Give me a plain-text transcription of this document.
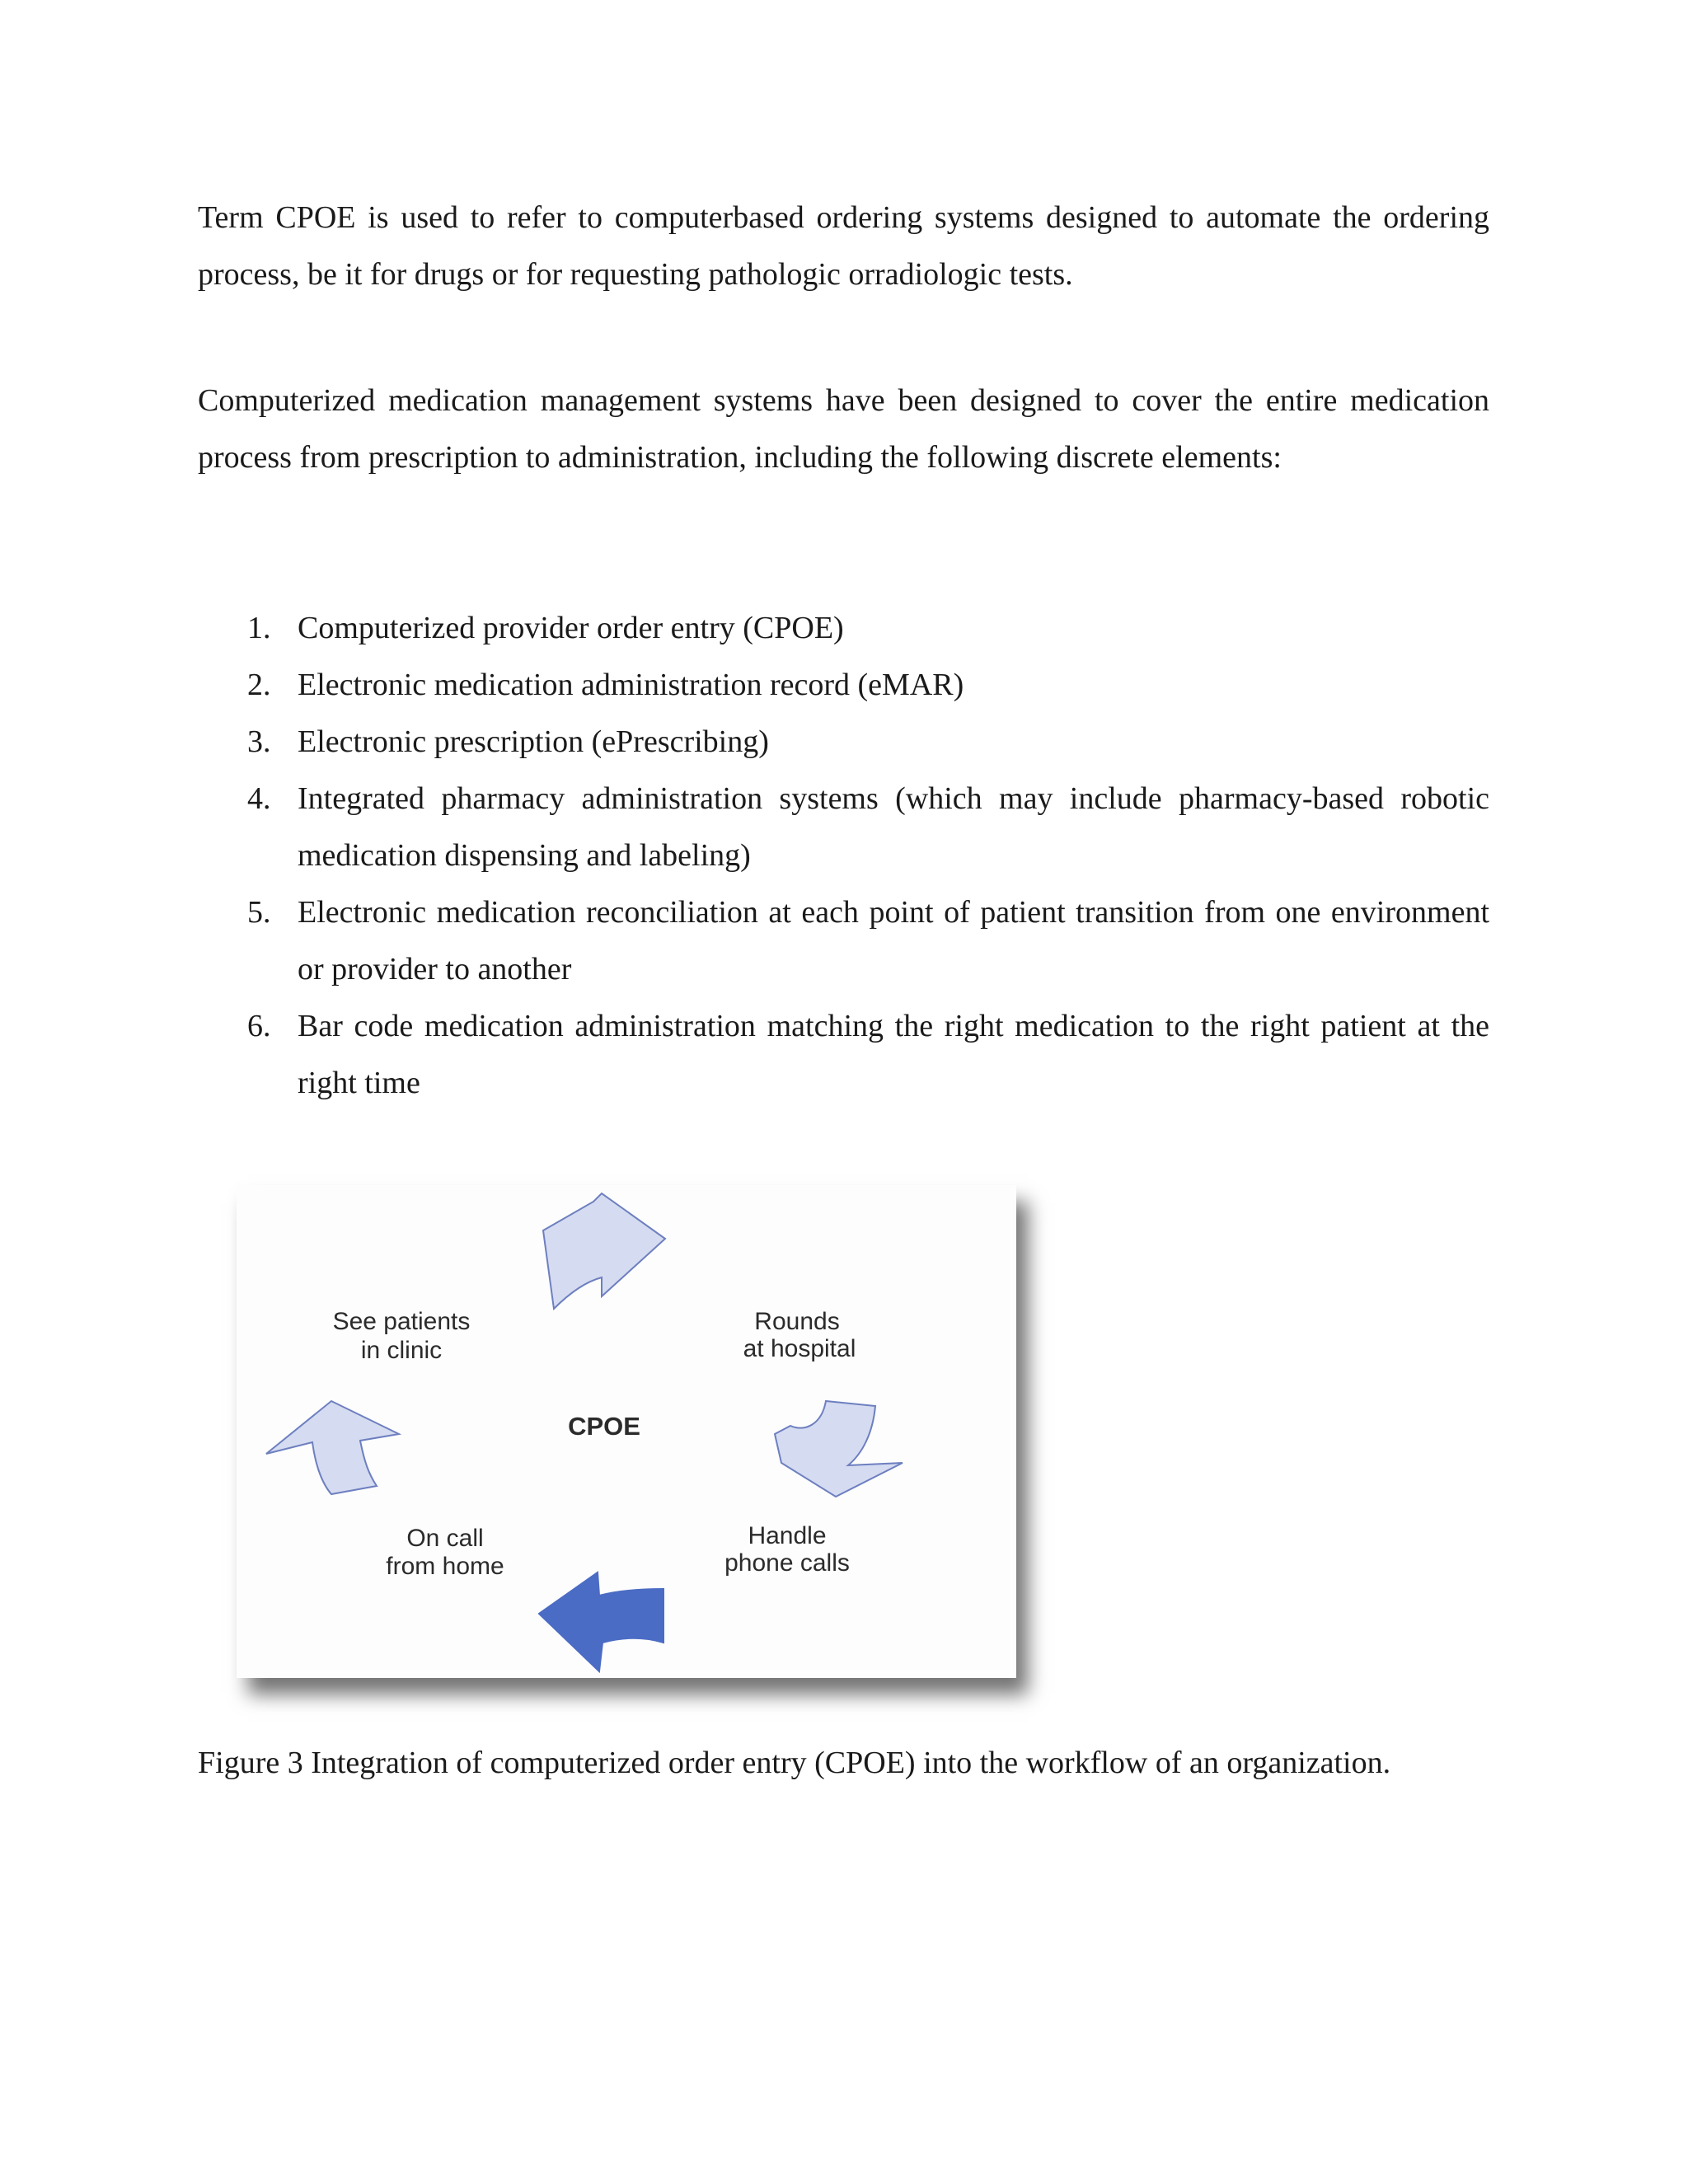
Term CPOE is used to refer to computerbased ordering systems designed to automate the ordering process, be it for drugs or for requesting pathologic orradiologic tests.

Computerized medication management systems have been designed to cover the entire medication process from prescription to administration, including the following discrete elements:

1. Computerized provider order entry (CPOE)
2. Electronic medication administration record (eMAR)
3. Electronic prescription (ePrescribing)
4. Integrated pharmacy administration systems (which may include pharmacy-based robotic medication dispensing and labeling)
5. Electronic medication reconciliation at each point of patient transition from one environment or provider to another
6. Bar code medication administration matching the right medication to the right patient at the right time
See patients
in clinic
Rounds
at hospital
CPOE
Handle
phone calls
On call
from home

Figure 3 Integration of computerized order entry (CPOE) into the workflow of an organization.
